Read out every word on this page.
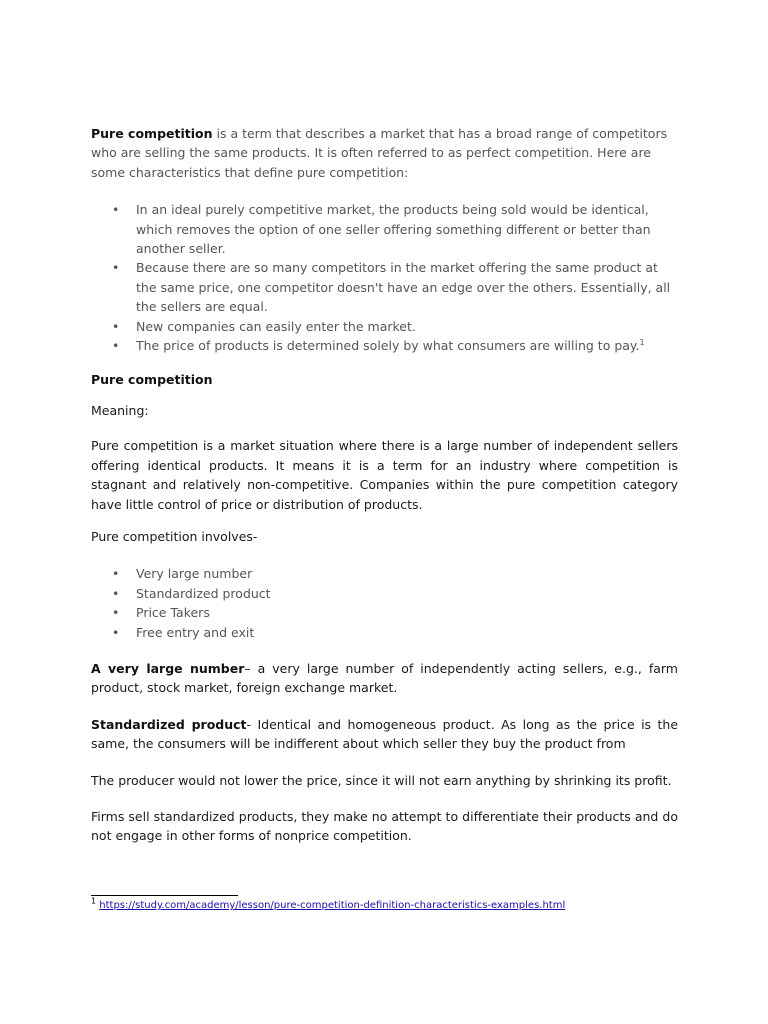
Pure competition is a term that describes a market that has a broad range of competitors who are selling the same products. It is often referred to as perfect competition. Here are some characteristics that define pure competition:

• In an ideal purely competitive market, the products being sold would be identical, which removes the option of one seller offering something different or better than another seller.
• Because there are so many competitors in the market offering the same product at the same price, one competitor doesn't have an edge over the others. Essentially, all the sellers are equal.
• New companies can easily enter the market.
• The price of products is determined solely by what consumers are willing to pay.$^1$

Pure competition

Meaning:

Pure competition is a market situation where there is a large number of independent sellers offering identical products. It means it is a term for an industry where competition is stagnant and relatively non-competitive. Companies within the pure competition category have little control of price or distribution of products.

Pure competition involves-

• Very large number
• Standardized product
• Price Takers
• Free entry and exit

A very large number– a very large number of independently acting sellers, e.g., farm product, stock market, foreign exchange market.

Standardized product- Identical and homogeneous product. As long as the price is the same, the consumers will be indifferent about which seller they buy the product from

The producer would not lower the price, since it will not earn anything by shrinking its profit.

Firms sell standardized products, they make no attempt to differentiate their products and do not engage in other forms of nonprice competition.

$^1$ https://study.com/academy/lesson/pure-competition-definition-characteristics-examples.html
